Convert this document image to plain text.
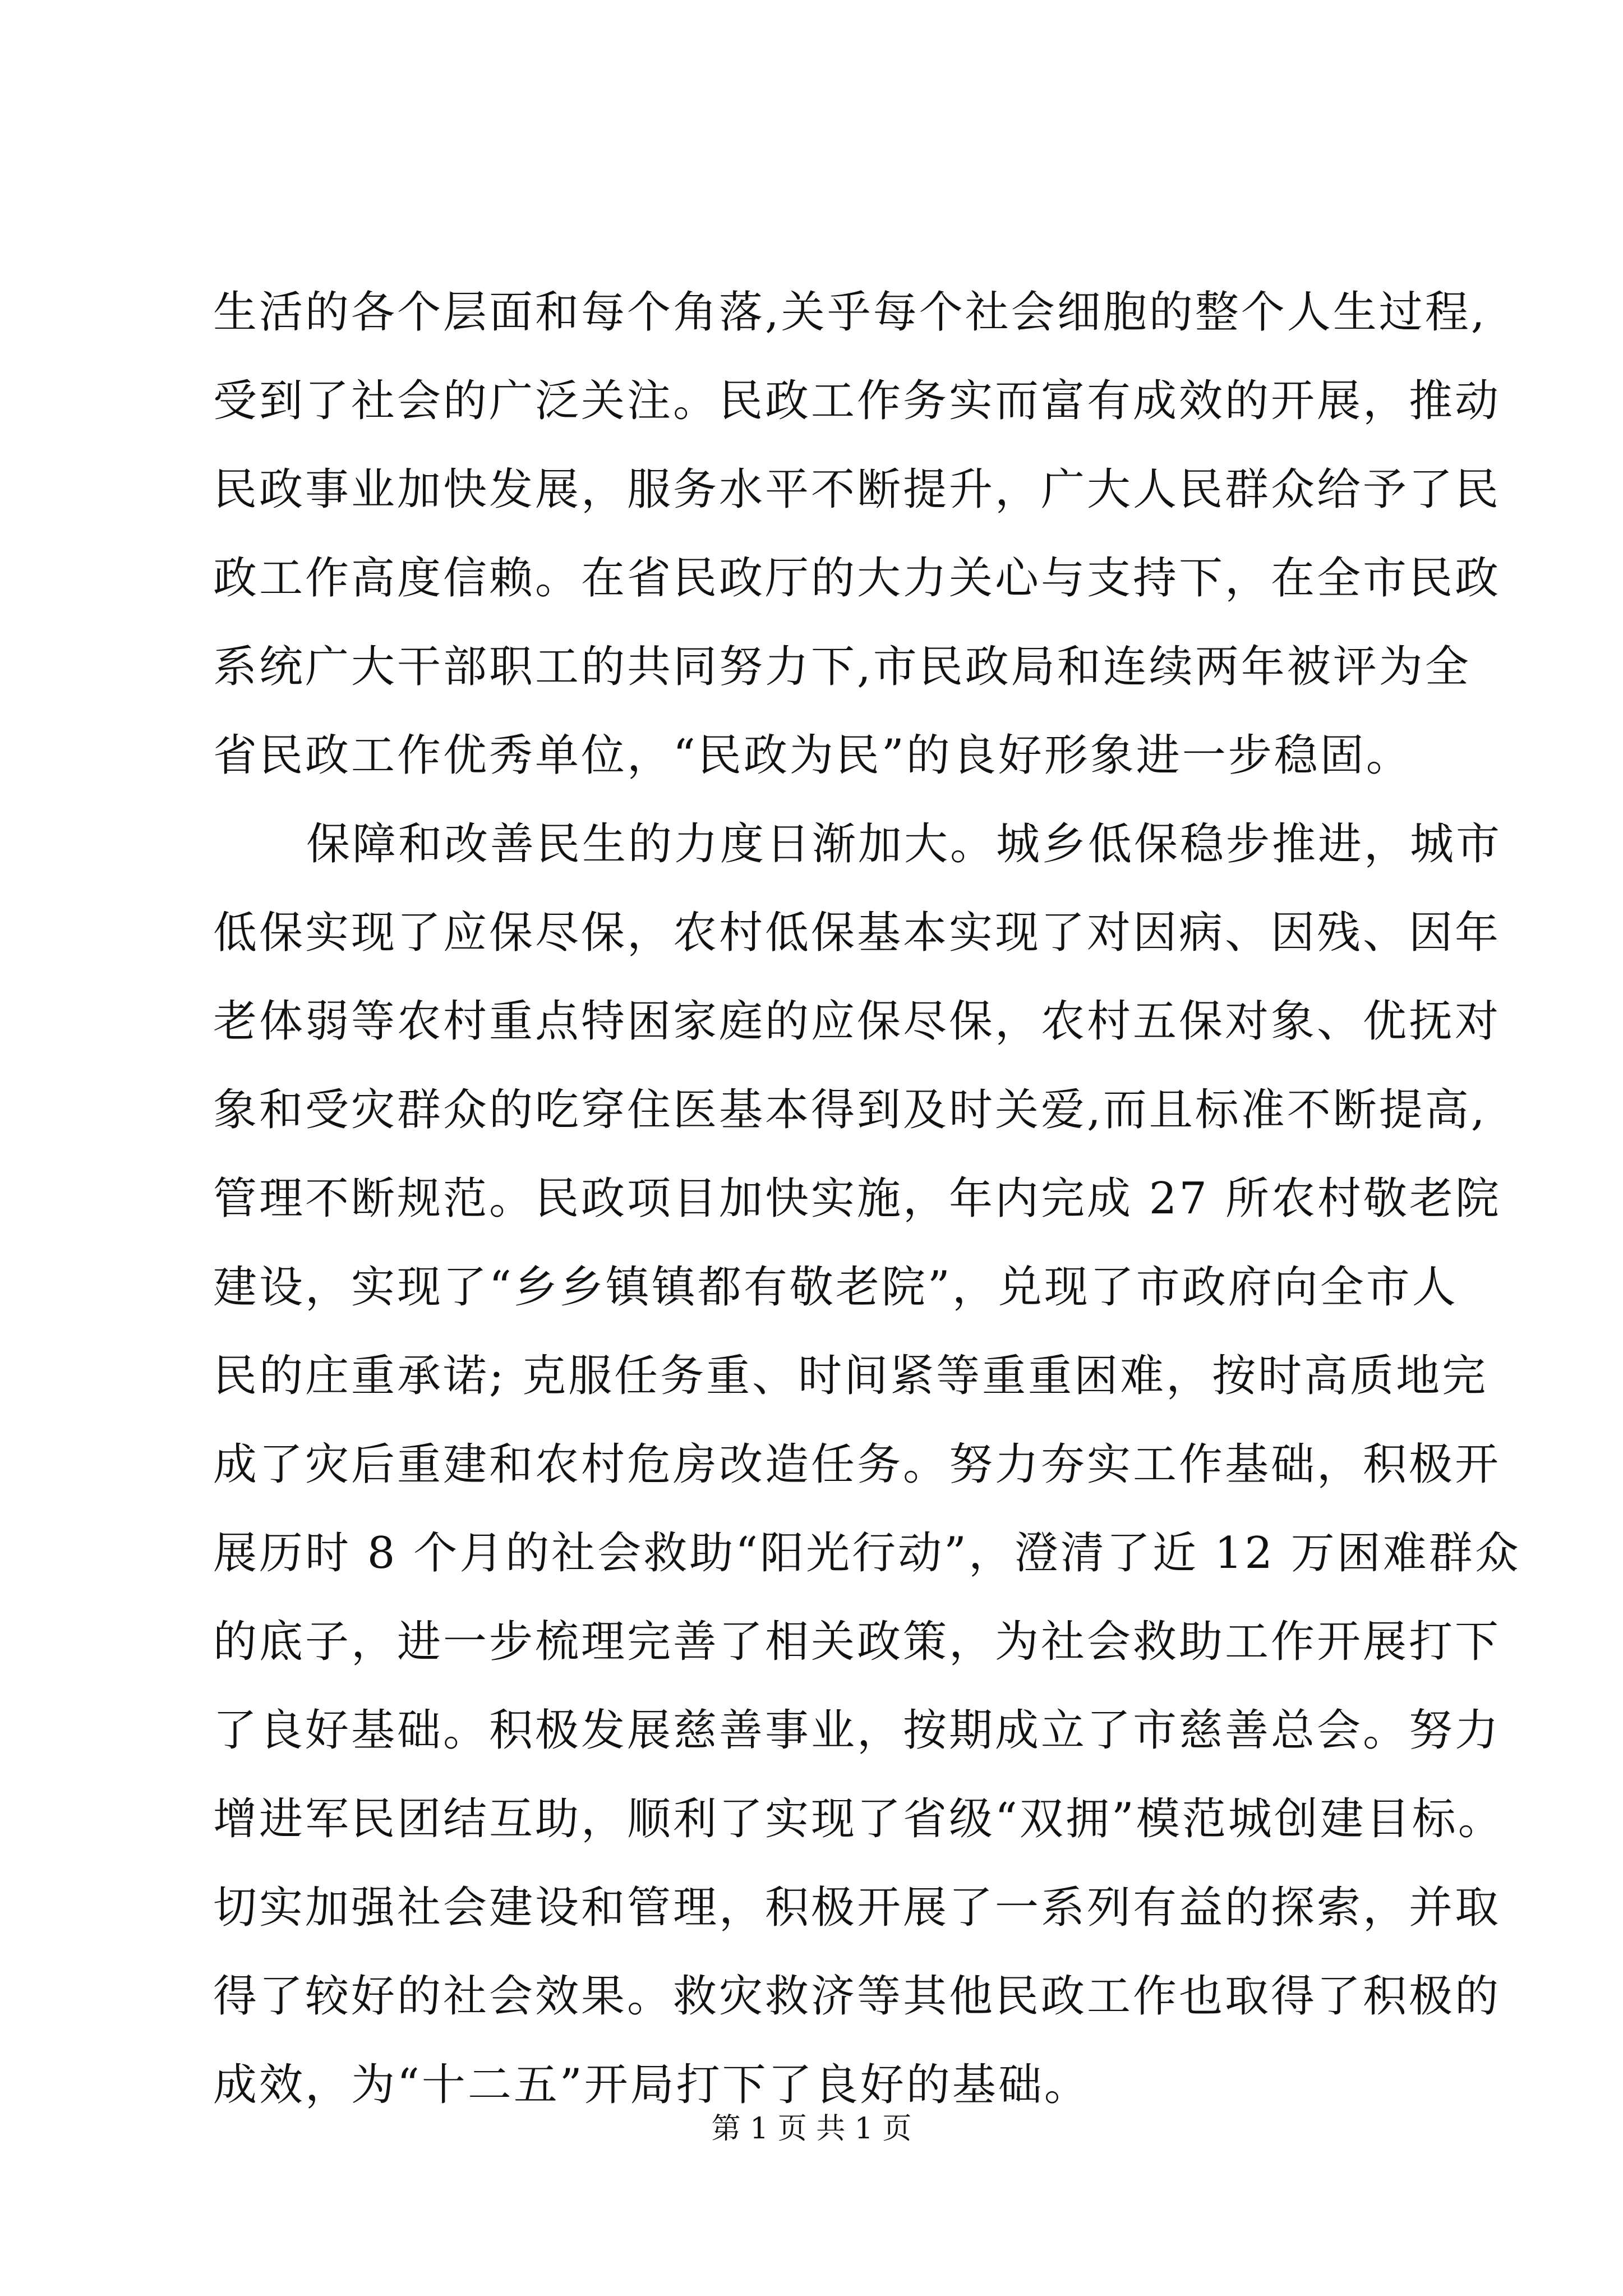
生活的各个层面和每个角落,关乎每个社会细胞的整个人生过程,
受到了社会的广泛关注。民政工作务实而富有成效的开展，推动
民政事业加快发展，服务水平不断提升，广大人民群众给予了民
政工作高度信赖。在省民政厅的大力关心与支持下，在全市民政
系统广大干部职工的共同努力下,市民政局和连续两年被评为全
省民政工作优秀单位，“民政为民”的良好形象进一步稳固。
保障和改善民生的力度日渐加大。城乡低保稳步推进，城市
低保实现了应保尽保，农村低保基本实现了对因病、因残、因年
老体弱等农村重点特困家庭的应保尽保，农村五保对象、优抚对
象和受灾群众的吃穿住医基本得到及时关爱,而且标准不断提高,
管理不断规范。民政项目加快实施，年内完成 27 所农村敬老院
建设，实现了“乡乡镇镇都有敬老院”，兑现了市政府向全市人
民的庄重承诺; 克服任务重、时间紧等重重困难，按时高质地完
成了灾后重建和农村危房改造任务。努力夯实工作基础，积极开
展历时 8 个月的社会救助“阳光行动”，澄清了近 12 万困难群众
的底子，进一步梳理完善了相关政策，为社会救助工作开展打下
了良好基础。积极发展慈善事业，按期成立了市慈善总会。努力
增进军民团结互助，顺利了实现了省级“双拥”模范城创建目标。
切实加强社会建设和管理，积极开展了一系列有益的探索，并取
得了较好的社会效果。救灾救济等其他民政工作也取得了积极的
成效，为“十二五”开局打下了良好的基础。
第 1 页 共 1 页
